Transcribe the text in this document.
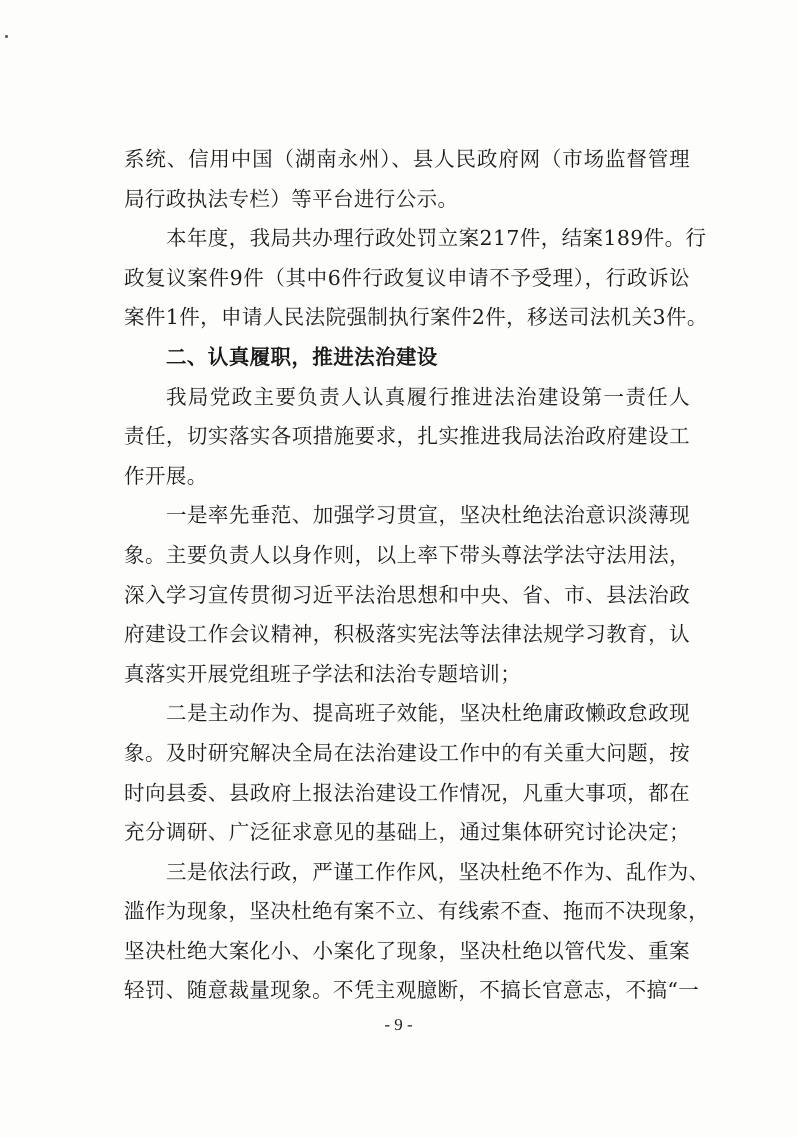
系统、信用中国（湖南永州）、县人民政府网（市场监督管理
局行政执法专栏）等平台进行公示。
本年度，我局共办理行政处罚立案217件，结案189件。行
政复议案件9件（其中6件行政复议申请不予受理），行政诉讼
案件1件，申请人民法院强制执行案件2件，移送司法机关3件。
二、认真履职，推进法治建设
我局党政主要负责人认真履行推进法治建设第一责任人
责任，切实落实各项措施要求，扎实推进我局法治政府建设工
作开展。
一是率先垂范、加强学习贯宣，坚决杜绝法治意识淡薄现
象。主要负责人以身作则，以上率下带头尊法学法守法用法，
深入学习宣传贯彻习近平法治思想和中央、省、市、县法治政
府建设工作会议精神，积极落实宪法等法律法规学习教育，认
真落实开展党组班子学法和法治专题培训；
二是主动作为、提高班子效能，坚决杜绝庸政懒政怠政现
象。及时研究解决全局在法治建设工作中的有关重大问题，按
时向县委、县政府上报法治建设工作情况，凡重大事项，都在
充分调研、广泛征求意见的基础上，通过集体研究讨论决定；
三是依法行政，严谨工作作风，坚决杜绝不作为、乱作为、
滥作为现象，坚决杜绝有案不立、有线索不查、拖而不决现象，
坚决杜绝大案化小、小案化了现象，坚决杜绝以管代发、重案
轻罚、随意裁量现象。不凭主观臆断，不搞长官意志，不搞“一
- 9 -
